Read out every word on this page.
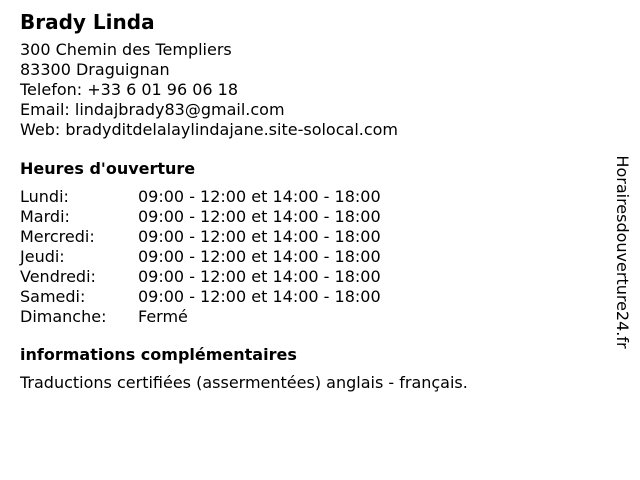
Brady Linda
300 Chemin des Templiers
83300 Draguignan
Telefon: +33 6 01 96 06 18
Email: lindajbrady83@gmail.com
Web: bradyditdelalaylindajane.site-solocal.com
Heures d'ouverture
Lundi:	09:00 - 12:00 et 14:00 - 18:00
Mardi:	09:00 - 12:00 et 14:00 - 18:00
Mercredi:	09:00 - 12:00 et 14:00 - 18:00
Jeudi:	09:00 - 12:00 et 14:00 - 18:00
Vendredi:	09:00 - 12:00 et 14:00 - 18:00
Samedi:	09:00 - 12:00 et 14:00 - 18:00
Dimanche:	Fermé
informations complémentaires
Traductions certifiées (assermentées) anglais - français.
Horairesdouverture24.fr
